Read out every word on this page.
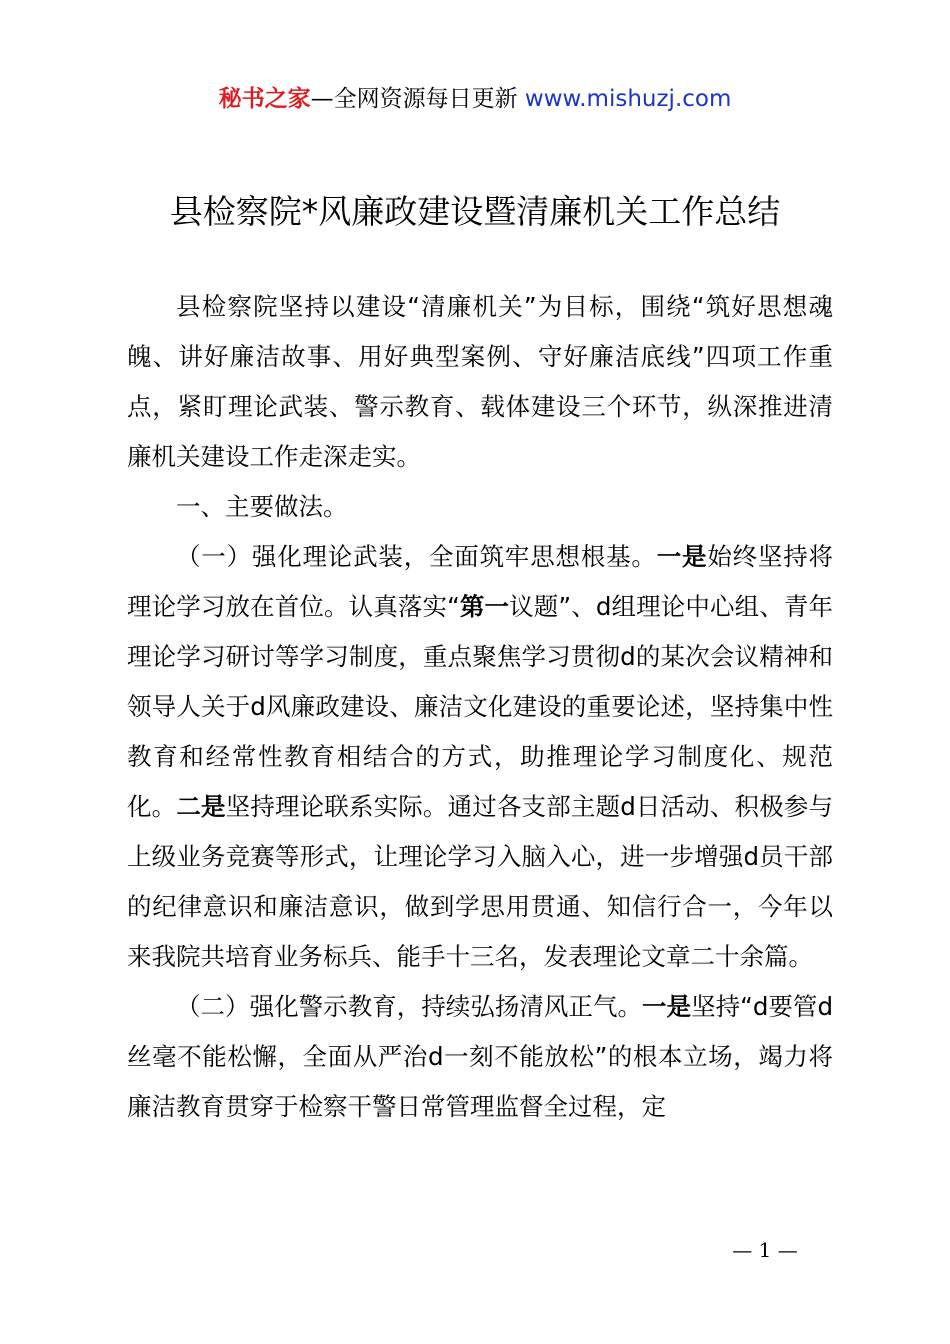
秘书之家—全网资源每日更新 www.mishuzj.com
县检察院*风廉政建设暨清廉机关工作总结

县检察院坚持以建设“清廉机关”为目标，围绕“筑好思想魂魄、讲好廉洁故事、用好典型案例、守好廉洁底线”四项工作重点，紧盯理论武装、警示教育、载体建设三个环节，纵深推进清廉机关建设工作走深走实。

一、主要做法。

（一）强化理论武装，全面筑牢思想根基。一是始终坚持将理论学习放在首位。认真落实“第一议题”、d组理论中心组、青年理论学习研讨等学习制度，重点聚焦学习贯彻d的某次会议精神和领导人关于d风廉政建设、廉洁文化建设的重要论述，坚持集中性教育和经常性教育相结合的方式，助推理论学习制度化、规范化。二是坚持理论联系实际。通过各支部主题d日活动、积极参与上级业务竞赛等形式，让理论学习入脑入心，进一步增强d员干部的纪律意识和廉洁意识，做到学思用贯通、知信行合一，今年以来我院共培育业务标兵、能手十三名，发表理论文章二十余篇。

（二）强化警示教育，持续弘扬清风正气。一是坚持“d要管d丝毫不能松懈，全面从严治d一刻不能放松”的根本立场，竭力将廉洁教育贯穿于检察干警日常管理监督全过程，定

— 1 —
